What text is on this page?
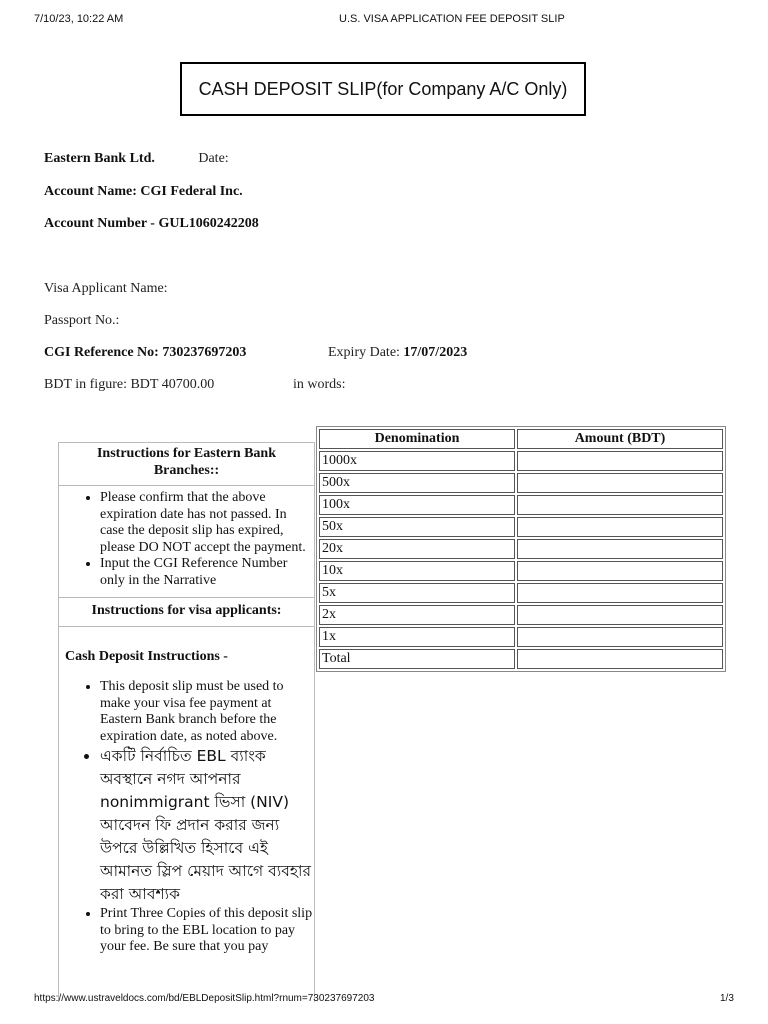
7/10/23, 10:22 AM	U.S. VISA APPLICATION FEE DEPOSIT SLIP
CASH DEPOSIT SLIP(for Company A/C Only)
Eastern Bank Ltd.	Date:
Account Name: CGI Federal Inc.
Account Number - GUL1060242208
Visa Applicant Name:
Passport No.:
CGI Reference No: 730237697203	Expiry Date: 17/07/2023
BDT in figure: BDT 40700.00	in words:
Instructions for Eastern Bank Branches::
• Please confirm that the above expiration date has not passed. In case the deposit slip has expired, please DO NOT accept the payment.
• Input the CGI Reference Number only in the Narrative
Instructions for visa applicants:
Cash Deposit Instructions -
• This deposit slip must be used to make your visa fee payment at Eastern Bank branch before the expiration date, as noted above.
• একটি নির্বাচিত EBL ব্যাংক অবস্থানে নগদ আপনার nonimmigrant ভিসা (NIV) আবেদন ফি প্রদান করার জন্য উপরে উল্লিখিত হিসাবে এই আমানত স্লিপ মেয়াদ আগে ব্যবহার করা আবশ্যক
• Print Three Copies of this deposit slip to bring to the EBL location to pay your fee. Be sure that you pay
Denomination	Amount (BDT)
1000x	
500x	
100x	
50x	
20x	
10x	
5x	
2x	
1x	
Total	
https://www.ustraveldocs.com/bd/EBLDepositSlip.html?rnum=730237697203	1/3
